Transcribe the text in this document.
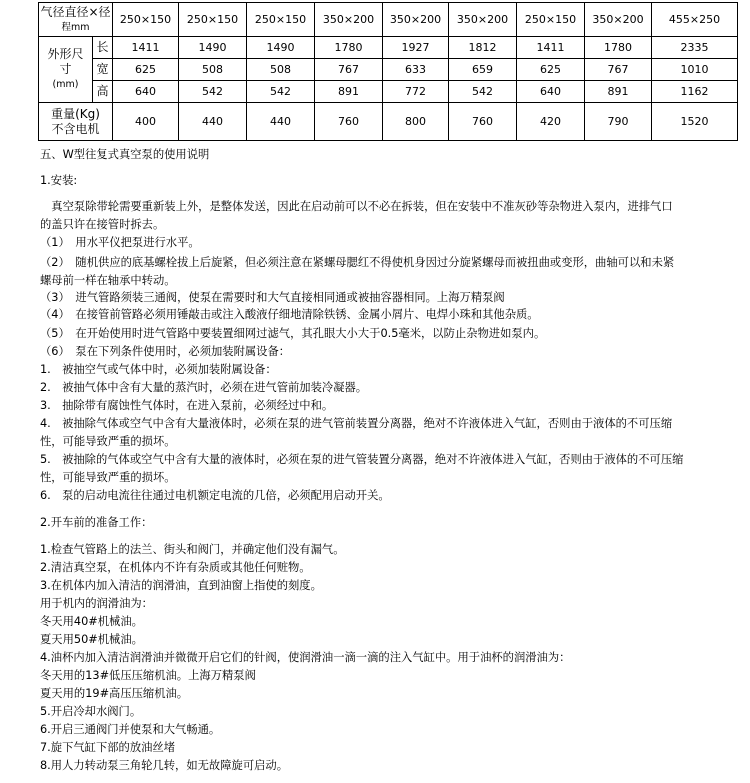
气径直径×径
程mm		250×150	250×150	250×150	350×200	350×200	350×200	250×150	350×200	455×250

外形尺
寸
(mm)	长	1411	1490	1490	1780	1927	1812	1411	1780	2335
	宽	625	508	508	767	633	659	625	767	1010
	高	640	542	542	891	772	542	640	891	1162

重量(Kg)
不含电机		400	440	440	760	800	760	420	790	1520
五、W型往复式真空泵的使用说明
1.安装:
　真空泵除带轮需要重新装上外，是整体发送，因此在启动前可以不必在拆装，但在安装中不准灰砂等杂物进入泵内，进排气口
的盖只许在接管时拆去。
（1）　用水平仪把泵进行水平。
（2）　随机供应的底基螺栓拔上后旋紧，但必须注意在紧螺母腮红不得使机身因过分旋紧螺母而被扭曲或变形，曲轴可以和未紧
螺母前一样在轴承中转动。
（3）　进气管路须装三通阀，使泵在需要时和大气直接相同通或被抽容器相同。上海万精泵阀
（4）　在接管前管路必须用锤敲击或注入酸液仔细地清除铁锈、金属小屑片、电焊小珠和其他杂质。
（5）　在开始使用时进气管路中要装置细网过滤气，其孔眼大小大于0.5毫米，以防止杂物进如泵内。
（6）　泵在下列条件使用时，必须加装附属设备：
1.　被抽空气或气体中时，必须加装附属设备：
2.　被抽气体中含有大量的蒸汽时，必须在进气管前加装冷凝器。
3.　抽除带有腐蚀性气体时，在进入泵前，必须经过中和。
4.　被抽除气体或空气中含有大量液体时，必须在泵的进气管前装置分离器，绝对不许液体进入气缸，否则由于液体的不可压缩
性，可能导致严重的损坏。
5.　被抽除的气体或空气中含有大量的液体时，必须在泵的进气管装置分离器，绝对不许液体进入气缸，否则由于液体的不可压缩
性，可能导致严重的损坏。
6.　泵的启动电流往往通过电机额定电流的几倍，必须配用启动开关。
2.开车前的准备工作：
1.检查气管路上的法兰、街头和阀门，并确定他们没有漏气。
2.清洁真空泵，在机体内不许有杂质或其他任何赃物。
3.在机体内加入清洁的润滑油，直到油窗上指使的刻度。
用于机内的润滑油为：
冬天用40#机械油。
夏天用50#机械油。
4.油杯内加入清洁润滑油并微微开启它们的针阀，使润滑油一滴一滴的注入气缸中。用于油杯的润滑油为：
冬天用的13#低压压缩机油。上海万精泵阀
夏天用的19#高压压缩机油。
5.开启冷却水阀门。
6.开启三通阀门并使泵和大气畅通。
7.旋下气缸下部的放油丝堵
8.用人力转动泵三角轮几转，如无故障旋可启动。
